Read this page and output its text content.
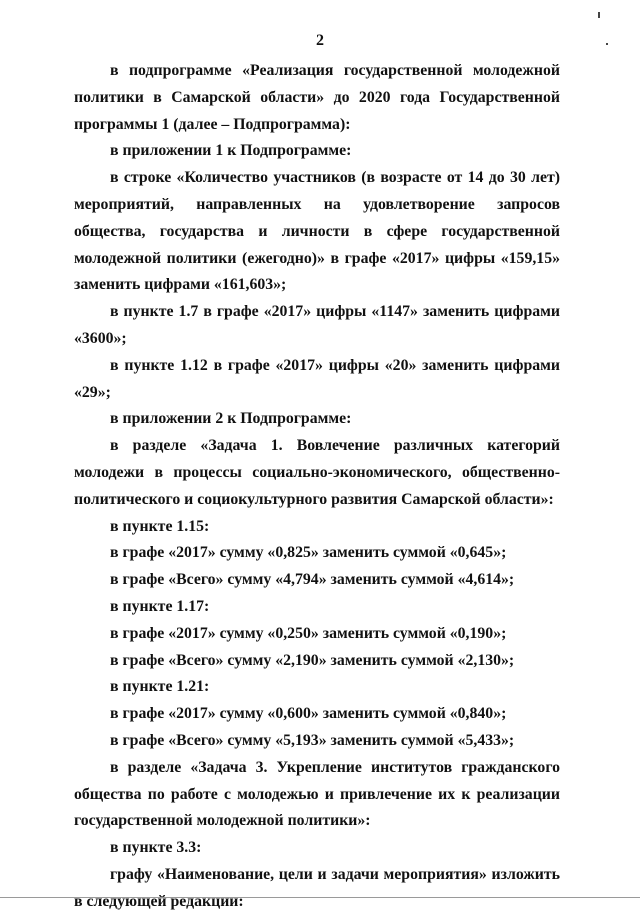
2

в подпрограмме «Реализация государственной молодежной политики в Самарской области» до 2020 года Государственной программы 1 (далее – Подпрограмма):

в приложении 1 к Подпрограмме:

в строке «Количество участников (в возрасте от 14 до 30 лет) мероприятий, направленных на удовлетворение запросов общества, государства и личности в сфере государственной молодежной политики (ежегодно)» в графе «2017» цифры «159,15» заменить цифрами «161,603»;

в пункте 1.7 в графе «2017» цифры «1147» заменить цифрами «3600»;

в пункте 1.12 в графе «2017» цифры «20» заменить цифрами «29»;

в приложении 2 к Подпрограмме:

в разделе «Задача 1. Вовлечение различных категорий молодежи в процессы социально-экономического, общественно-политического и социокультурного развития Самарской области»:

в пункте 1.15:

в графе «2017» сумму «0,825» заменить суммой «0,645»;

в графе «Всего» сумму «4,794» заменить суммой «4,614»;

в пункте 1.17:

в графе «2017» сумму «0,250» заменить суммой «0,190»;

в графе «Всего» сумму «2,190» заменить суммой «2,130»;

в пункте 1.21:

в графе «2017» сумму «0,600» заменить суммой «0,840»;

в графе «Всего» сумму «5,193» заменить суммой «5,433»;

в разделе «Задача 3. Укрепление институтов гражданского общества по работе с молодежью и привлечение их к реализации государственной молодежной политики»:

в пункте 3.3:

графу «Наименование, цели и задачи мероприятия» изложить в следующей редакции:
